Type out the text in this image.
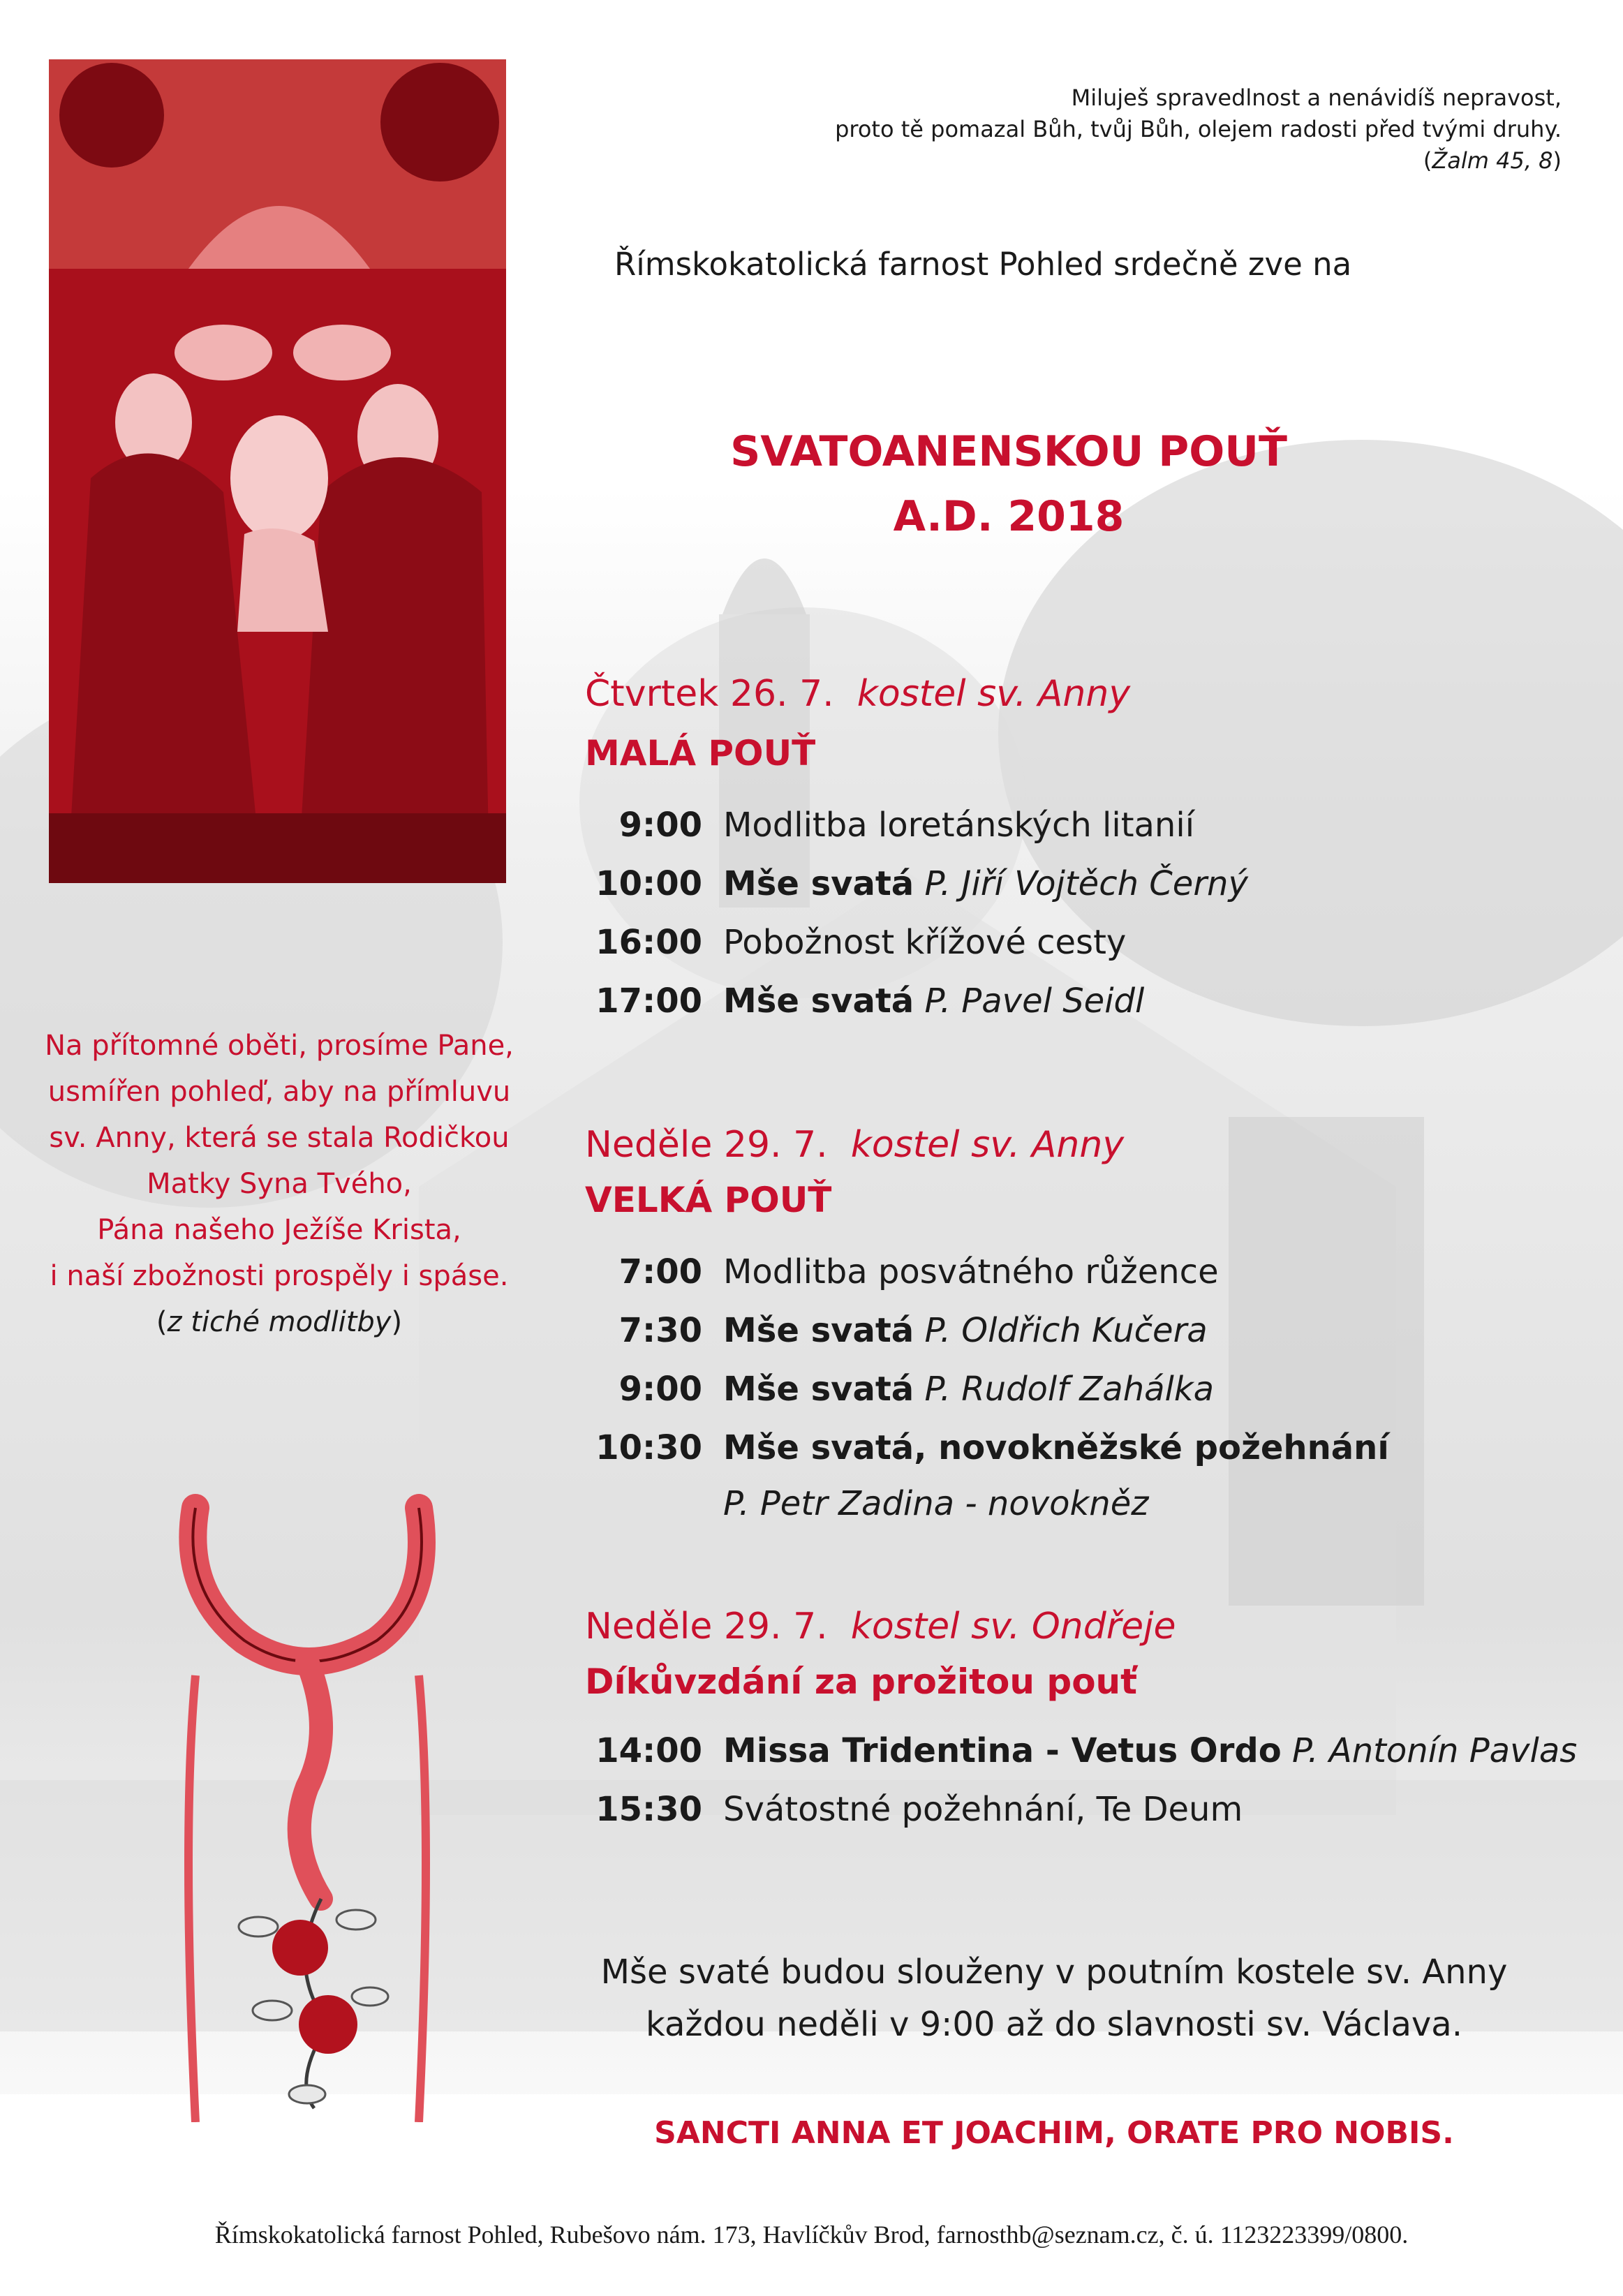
Miluješ spravedlnost a nenávidíš nepravost,
proto tě pomazal Bůh, tvůj Bůh, olejem radosti před tvými druhy.
(Žalm 45, 8)
Římskokatolická farnost Pohled srdečně zve na
SVATOANENSKOU POUŤ
A.D. 2018
Čtvrtek 26. 7. kostel sv. Anny
MALÁ POUŤ
9:00 Modlitba loretánských litanií
10:00 Mše svatá P. Jiří Vojtěch Černý
16:00 Pobožnost křížové cesty
17:00 Mše svatá P. Pavel Seidl
Neděle 29. 7. kostel sv. Anny
VELKÁ POUŤ
7:00 Modlitba posvátného růžence
7:30 Mše svatá P. Oldřich Kučera
9:00 Mše svatá P. Rudolf Zahálka
10:30 Mše svatá, novokněžské požehnání
P. Petr Zadina - novokněz
Neděle 29. 7. kostel sv. Ondřeje
Díkůvzdání za prožitou pouť
14:00 Missa Tridentina - Vetus Ordo P. Antonín Pavlas
15:30 Svátostné požehnání, Te Deum
Na přítomné oběti, prosíme Pane,
usmířen pohleď, aby na přímluvu
sv. Anny, která se stala Rodičkou
Matky Syna Tvého,
Pána našeho Ježíše Krista,
i naší zbožnosti prospěly i spáse.
(z tiché modlitby)
Mše svaté budou slouženy v poutním kostele sv. Anny
každou neděli v 9:00 až do slavnosti sv. Václava.
SANCTI ANNA ET JOACHIM, ORATE PRO NOBIS.
Římskokatolická farnost Pohled, Rubešovo nám. 173, Havlíčkův Brod, farnosthb@seznam.cz, č. ú. 1123223399/0800.
